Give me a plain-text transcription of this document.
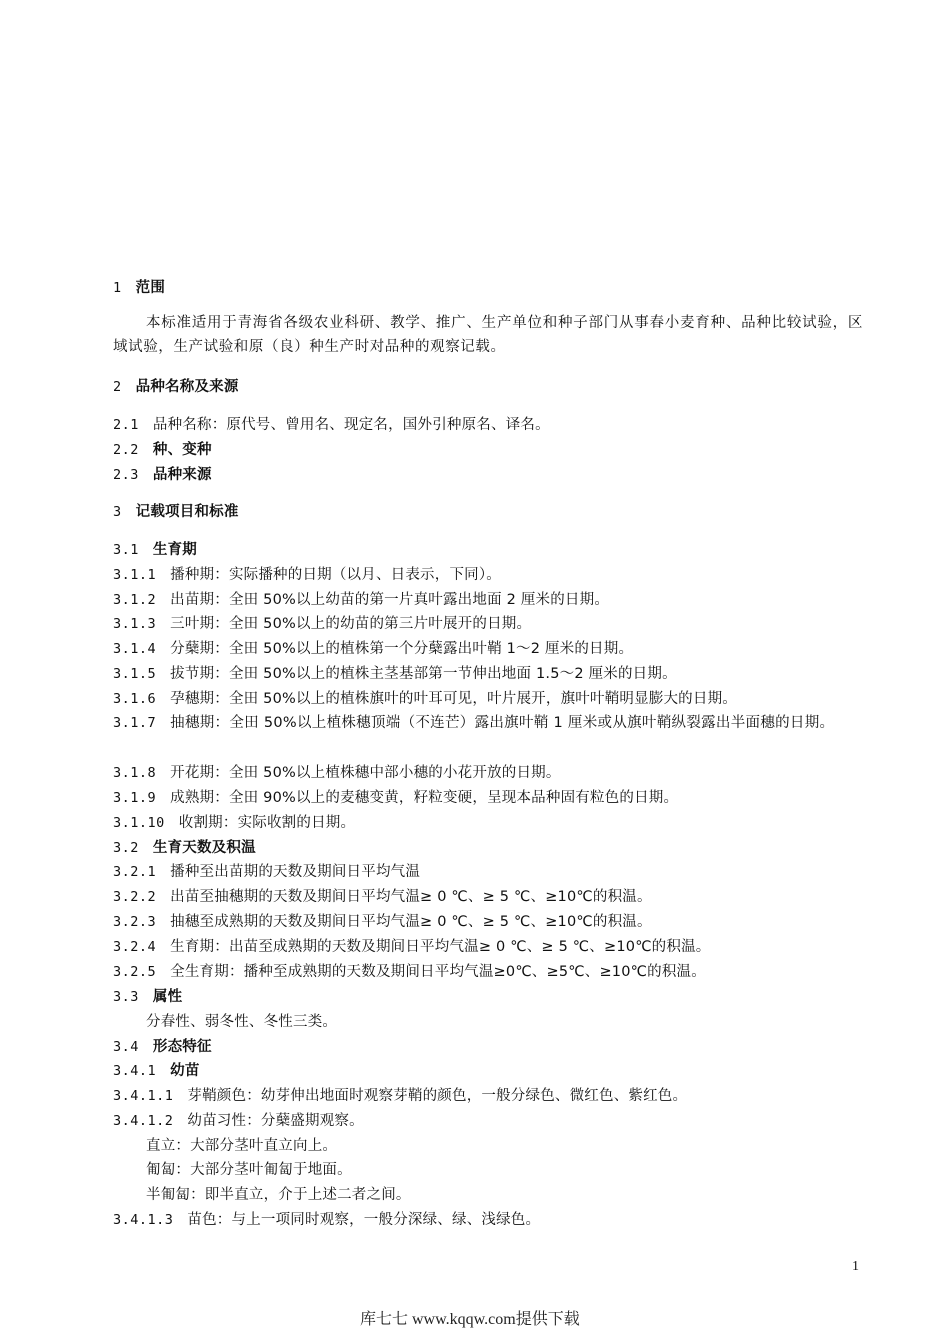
1 范围
本标准适用于青海省各级农业科研、教学、推广、生产单位和种子部门从事春小麦育种、品种比较试验，区域试验，生产试验和原（良）种生产时对品种的观察记载。
2 品种名称及来源
2.1 品种名称：原代号、曾用名、现定名，国外引种原名、译名。
2.2 种、变种
2.3 品种来源
3 记载项目和标准
3.1 生育期
3.1.1 播种期：实际播种的日期（以月、日表示，下同）。
3.1.2 出苗期：全田 50%以上幼苗的第一片真叶露出地面 2 厘米的日期。
3.1.3 三叶期：全田 50%以上的幼苗的第三片叶展开的日期。
3.1.4 分蘖期：全田 50%以上的植株第一个分蘖露出叶鞘 1～2 厘米的日期。
3.1.5 拔节期：全田 50%以上的植株主茎基部第一节伸出地面 1.5～2 厘米的日期。
3.1.6 孕穗期：全田 50%以上的植株旗叶的叶耳可见，叶片展开，旗叶叶鞘明显膨大的日期。
3.1.7 抽穗期：全田 50%以上植株穗顶端（不连芒）露出旗叶鞘 1 厘米或从旗叶鞘纵裂露出半面穗的日期。
3.1.8 开花期：全田 50%以上植株穗中部小穗的小花开放的日期。
3.1.9 成熟期：全田 90%以上的麦穗变黄，籽粒变硬，呈现本品种固有粒色的日期。
3.1.10 收割期：实际收割的日期。
3.2 生育天数及积温
3.2.1 播种至出苗期的天数及期间日平均气温
3.2.2 出苗至抽穗期的天数及期间日平均气温≥ 0 ℃、≥ 5 ℃、≥10℃的积温。
3.2.3 抽穗至成熟期的天数及期间日平均气温≥ 0 ℃、≥ 5 ℃、≥10℃的积温。
3.2.4 生育期：出苗至成熟期的天数及期间日平均气温≥ 0 ℃、≥ 5 ℃、≥10℃的积温。
3.2.5 全生育期：播种至成熟期的天数及期间日平均气温≥0℃、≥5℃、≥10℃的积温。
3.3 属性
分春性、弱冬性、冬性三类。
3.4 形态特征
3.4.1 幼苗
3.4.1.1 芽鞘颜色：幼芽伸出地面时观察芽鞘的颜色，一般分绿色、微红色、紫红色。
3.4.1.2 幼苗习性：分蘖盛期观察。
直立：大部分茎叶直立向上。
匍匐：大部分茎叶匍匐于地面。
半匍匐：即半直立，介于上述二者之间。
3.4.1.3 苗色：与上一项同时观察，一般分深绿、绿、浅绿色。
1
库七七 www.kqqw.com提供下载
